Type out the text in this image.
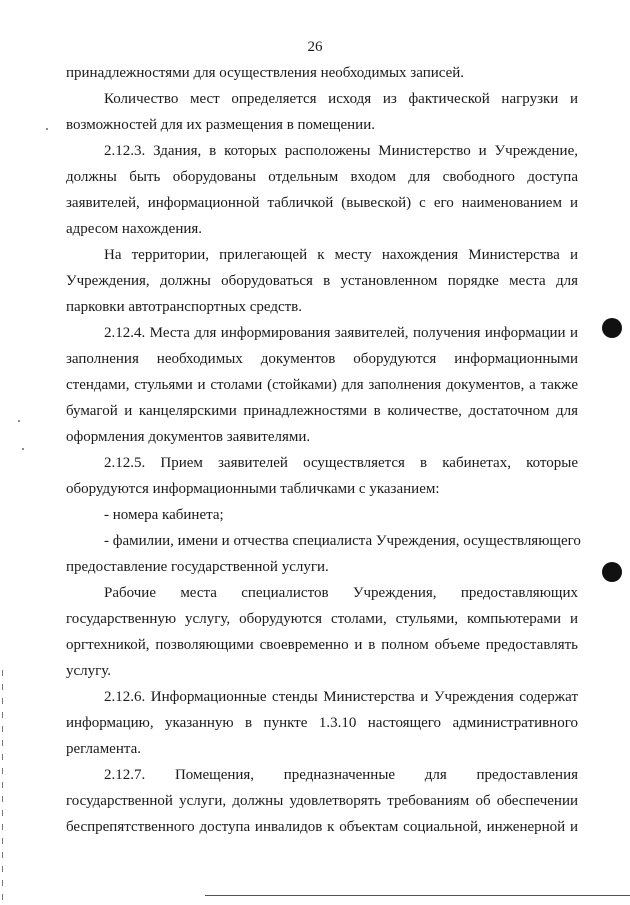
26
принадлежностями для осуществления необходимых записей.
Количество мест определяется исходя из фактической нагрузки и
возможностей для их размещения в помещении.
2.12.3. Здания, в которых расположены Министерство и Учреждение,
должны быть оборудованы отдельным входом для свободного доступа
заявителей, информационной табличкой (вывеской) с его наименованием и
адресом нахождения.
На территории, прилегающей к месту нахождения Министерства и
Учреждения, должны оборудоваться в установленном порядке места для
парковки автотранспортных средств.
2.12.4. Места для информирования заявителей, получения информации и
заполнения необходимых документов оборудуются информационными
стендами, стульями и столами (стойками) для заполнения документов, а также
бумагой и канцелярскими принадлежностями в количестве, достаточном для
оформления документов заявителями.
2.12.5. Прием заявителей осуществляется в кабинетах, которые
оборудуются информационными табличками с указанием:
- номера кабинета;
- фамилии, имени и отчества специалиста Учреждения, осуществляющего
предоставление государственной услуги.
Рабочие места специалистов Учреждения, предоставляющих
государственную услугу, оборудуются столами, стульями, компьютерами и
оргтехникой, позволяющими своевременно и в полном объеме предоставлять
услугу.
2.12.6. Информационные стенды Министерства и Учреждения содержат
информацию, указанную в пункте 1.3.10 настоящего административного
регламента.
2.12.7. Помещения, предназначенные для предоставления
государственной услуги, должны удовлетворять требованиям об обеспечении
беспрепятственного доступа инвалидов к объектам социальной, инженерной и
